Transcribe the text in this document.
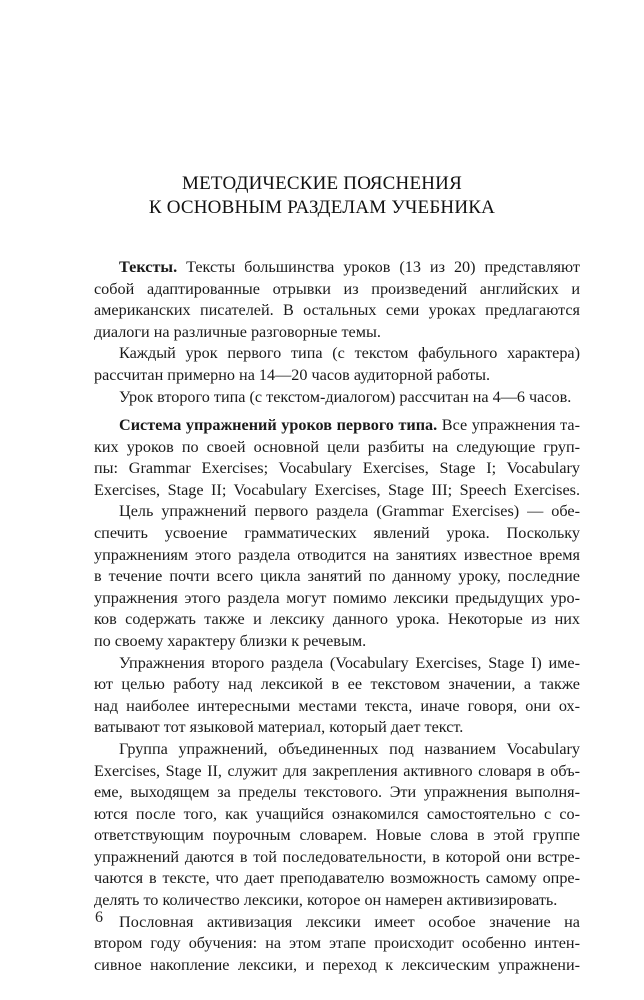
МЕТОДИЧЕСКИЕ ПОЯСНЕНИЯ
К ОСНОВНЫМ РАЗДЕЛАМ УЧЕБНИКА
Тексты. Тексты большинства уроков (13 из 20) представляют
собой адаптированные отрывки из произведений английских и
американских писателей. В остальных семи уроках предлагаются
диалоги на различные разговорные темы.
Каждый урок первого типа (с текстом фабульного характера)
рассчитан примерно на 14—20 часов аудиторной работы.
Урок второго типа (с текстом-диалогом) рассчитан на 4—6 часов.
Система упражнений уроков первого типа. Все упражнения та-
ких уроков по своей основной цели разбиты на следующие груп-
пы: Grammar Exercises; Vocabulary Exercises, Stage I; Vocabulary
Exercises, Stage II; Vocabulary Exercises, Stage III; Speech Exercises.
Цель упражнений первого раздела (Grammar Exercises) — обе-
спечить усвоение грамматических явлений урока. Поскольку
упражнениям этого раздела отводится на занятиях известное время
в течение почти всего цикла занятий по данному уроку, последние
упражнения этого раздела могут помимо лексики предыдущих уро-
ков содержать также и лексику данного урока. Некоторые из них
по своему характеру близки к речевым.
Упражнения второго раздела (Vocabulary Exercises, Stage I) име-
ют целью работу над лексикой в ее текстовом значении, а также
над наиболее интересными местами текста, иначе говоря, они ох-
ватывают тот языковой материал, который дает текст.
Группа упражнений, объединенных под названием Vocabulary
Exercises, Stage II, служит для закрепления активного словаря в объ-
еме, выходящем за пределы текстового. Эти упражнения выполня-
ются после того, как учащийся ознакомился самостоятельно с со-
ответствующим поурочным словарем. Новые слова в этой группе
упражнений даются в той последовательности, в которой они встре-
чаются в тексте, что дает преподавателю возможность самому опре-
делять то количество лексики, которое он намерен активизировать.
Пословная активизация лексики имеет особое значение на
втором году обучения: на этом этапе происходит особенно интен-
сивное накопление лексики, и переход к лексическим упражнени-
6
